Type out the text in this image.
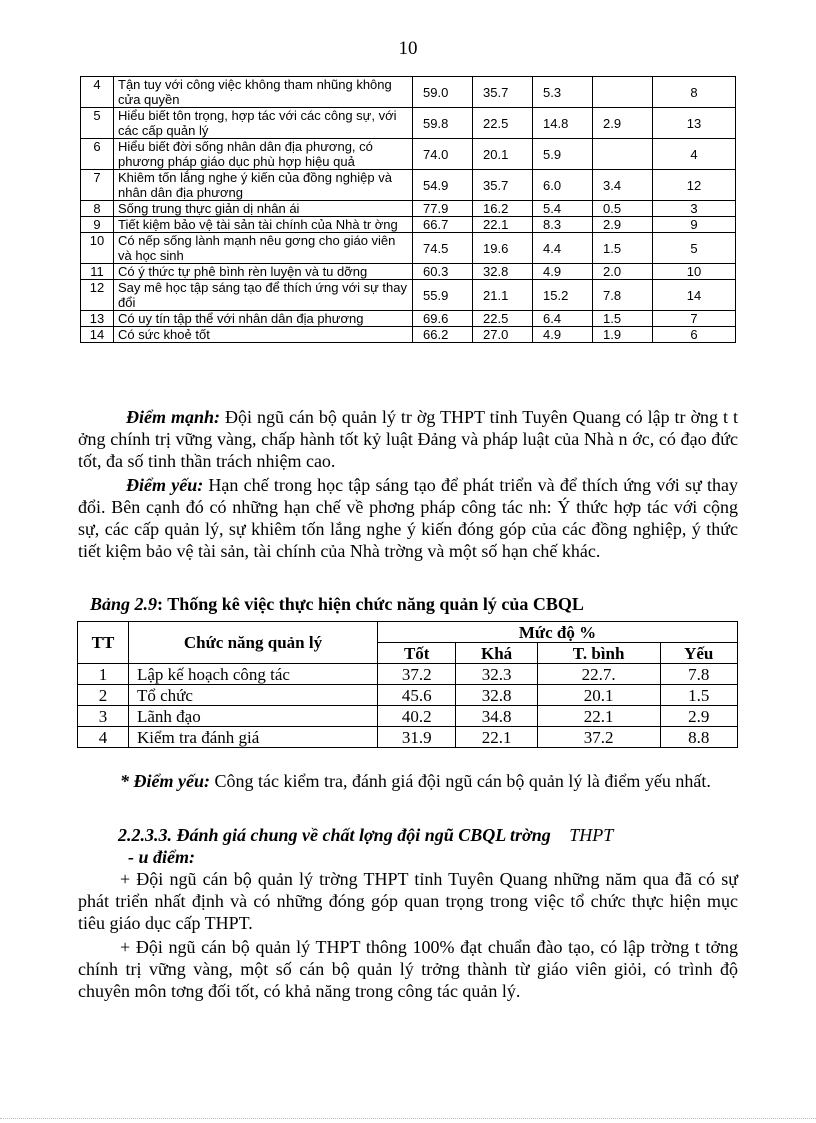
10
4	Tận tuy với công việc không tham nhũng không cửa quyền	59.0	35.7	5.3		8
5	Hiểu biết tôn trọng, hợp tác với các công sự, với các cấp quản lý	59.8	22.5	14.8	2.9	13
6	Hiểu biết đời sống nhân dân địa phương, có phương pháp giáo dục phù hợp hiệu quả	74.0	20.1	5.9		4
7	Khiêm tốn lắng nghe ý kiến của đồng nghiệp và nhân dân địa phương	54.9	35.7	6.0	3.4	12
8	Sống trung thực giản dị nhân ái	77.9	16.2	5.4	0.5	3
9	Tiết kiệm bảo vệ tài sản tài chính của Nhà tr ờng	66.7	22.1	8.3	2.9	9
10	Có nếp sống lành mạnh nêu gơng cho giáo viên và học sinh	74.5	19.6	4.4	1.5	5
11	Có ý thức tự phê bình rèn luyện và tu dỡng	60.3	32.8	4.9	2.0	10
12	Say mê học tập sáng tạo để thích ứng với sự thay đổi	55.9	21.1	15.2	7.8	14
13	Có uy tín tập thể với nhân dân địa phương	69.6	22.5	6.4	1.5	7
14	Có sức khoẻ tốt	66.2	27.0	4.9	1.9	6

Điểm mạnh: Đội ngũ cán bộ quản lý tr ờg THPT tỉnh Tuyên Quang có lập tr ờng t t ởng chính trị vững vàng, chấp hành tốt kỷ luật Đảng và pháp luật của Nhà n ớc, có đạo đức tốt, đa số tinh thần trách nhiệm cao.

Điểm yếu: Hạn chế trong học tập sáng tạo để phát triển và để thích ứng với sự thay đổi. Bên cạnh đó có những hạn chế về phơng pháp công tác nh: Ý thức hợp tác với cộng sự, các cấp quản lý, sự khiêm tốn lắng nghe ý kiến đóng góp của các đồng nghiệp, ý thức tiết kiệm bảo vệ tài sản, tài chính của Nhà trờng và một số hạn chế khác.

Bảng 2.9: Thống kê việc thực hiện chức năng quản lý của CBQL
TT	Chức năng quản lý	Mức độ %			
		Tốt	Khá	T. bình	Yếu
1	Lập kế hoạch công tác	37.2	32.3	22.7.	7.8
2	Tổ chức	45.6	32.8	20.1	1.5
3	Lãnh đạo	40.2	34.8	22.1	2.9
4	Kiểm tra đánh giá	31.9	22.1	37.2	8.8

* Điểm yếu: Công tác kiểm tra, đánh giá đội ngũ cán bộ quản lý là điểm yếu nhất.

2.2.3.3. Đánh giá chung về chất lợng đội ngũ CBQL trờng THPT
- u điểm:

+ Đội ngũ cán bộ quản lý trờng THPT tỉnh Tuyên Quang những năm qua đã có sự phát triển nhất định và có những đóng góp quan trọng trong việc tổ chức thực hiện mục tiêu giáo dục cấp THPT.

+ Đội ngũ cán bộ quản lý THPT thông 100% đạt chuẩn đào tạo, có lập trờng t tởng chính trị vững vàng, một số cán bộ quản lý trởng thành từ giáo viên giỏi, có trình độ chuyên môn tơng đối tốt, có khả năng trong công tác quản lý.
